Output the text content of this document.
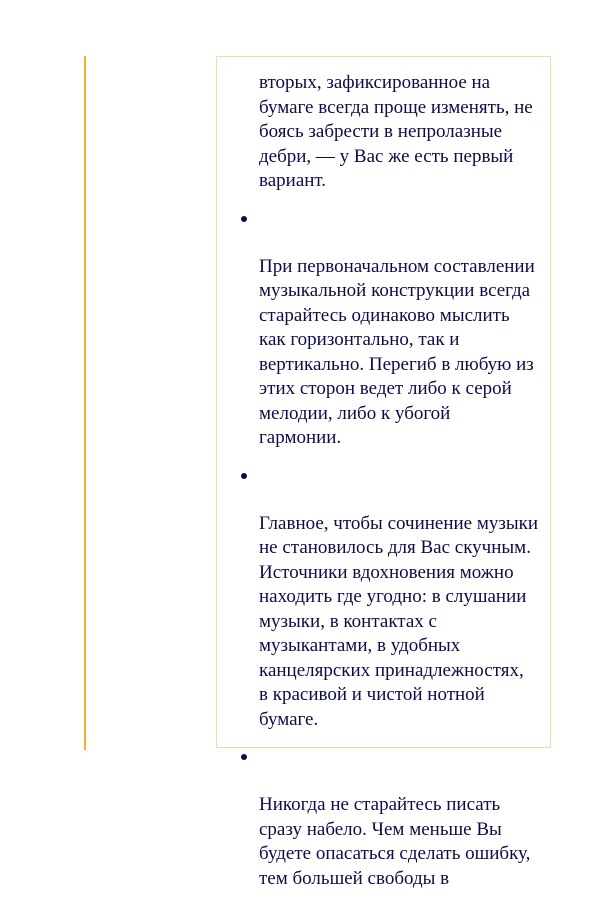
вторых, зафиксированное на
бумаге всегда проще изменять, не
боясь забрести в непролазные
дебри, — у Вас же есть первый
вариант.

При первоначальном составлении
музыкальной конструкции всегда
старайтесь одинаково мыслить
как горизонтально, так и
вертикально. Перегиб в любую из
этих сторон ведет либо к серой
мелодии, либо к убогой
гармонии.

Главное, чтобы сочинение музыки
не становилось для Вас скучным.
Источники вдохновения можно
находить где угодно: в слушании
музыки, в контактах с
музыкантами, в удобных
канцелярских принадлежностях,
в красивой и чистой нотной
бумаге.

Никогда не старайтесь писать
сразу набело. Чем меньше Вы
будете опасаться сделать ошибку,
тем большей свободы в
